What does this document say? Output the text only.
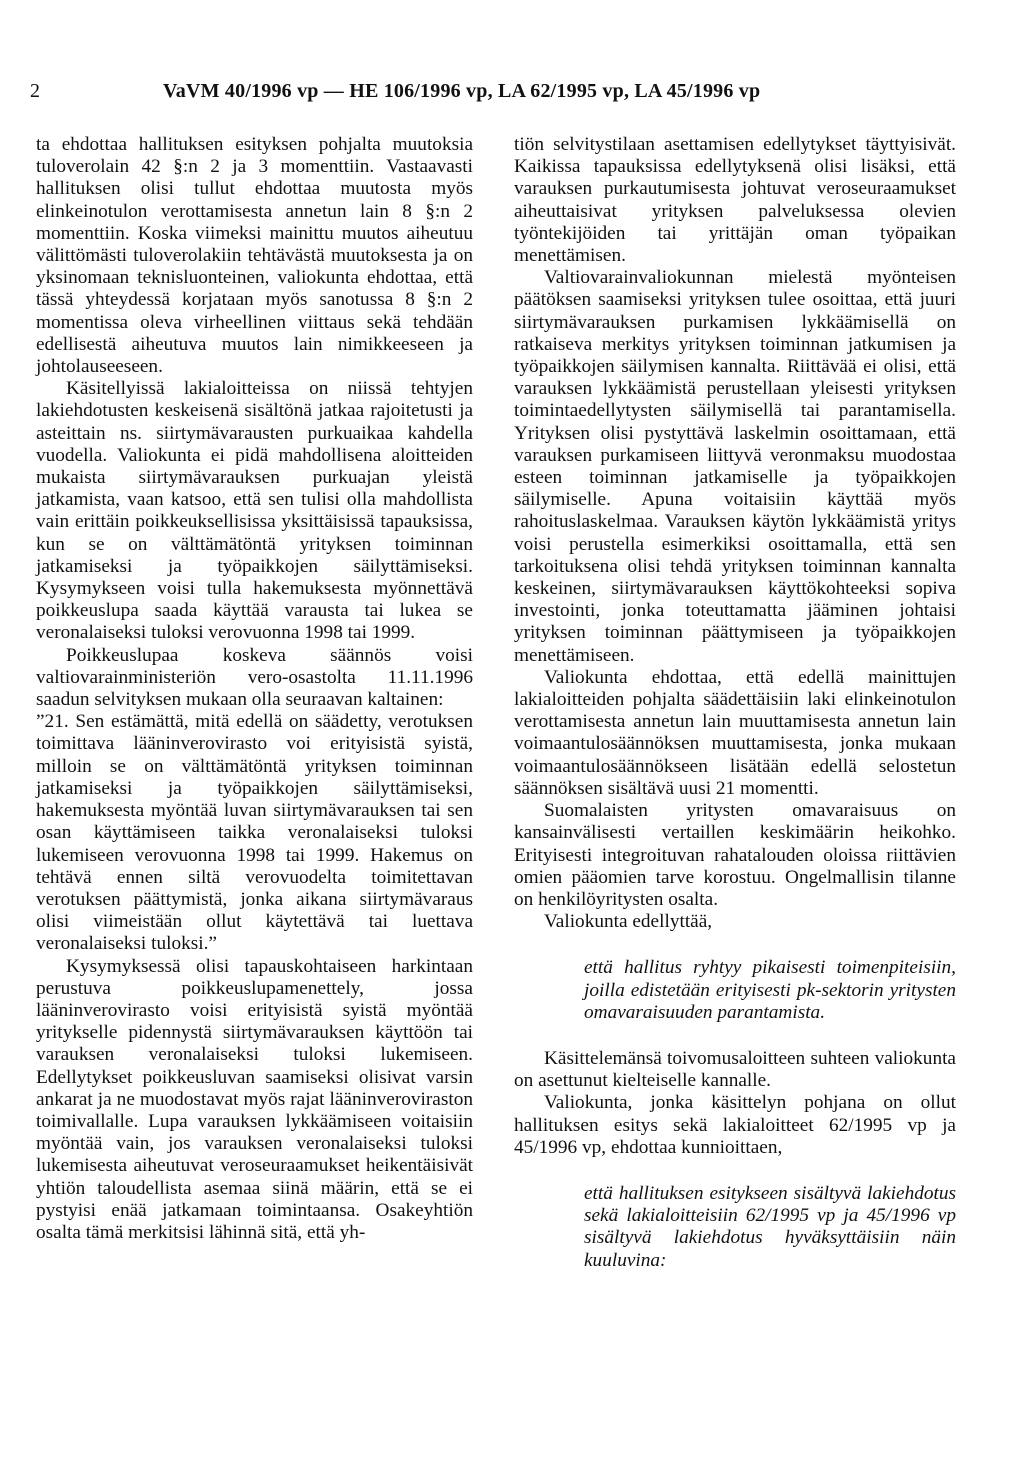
2	VaVM 40/1996 vp — HE 106/1996 vp, LA 62/1995 vp, LA 45/1996 vp

ta ehdottaa hallituksen esityksen pohjalta muutoksia tuloverolain 42 §:n 2 ja 3 momenttiin. Vastaavasti hallituksen olisi tullut ehdottaa muutosta myös elinkeinotulon verottamisesta annetun lain 8 §:n 2 momenttiin. Koska viimeksi mainittu muutos aiheutuu välittömästi tuloverolakiin tehtävästä muutoksesta ja on yksinomaan teknisluonteinen, valiokunta ehdottaa, että tässä yhteydessä korjataan myös sanotussa 8 §:n 2 momentissa oleva virheellinen viittaus sekä tehdään edellisestä aiheutuva muutos lain nimikkeeseen ja johtolauseeseen.

Käsitellyissä lakialoitteissa on niissä tehtyjen lakiehdotusten keskeisenä sisältönä jatkaa rajoitetusti ja asteittain ns. siirtymävarausten purkuaikaa kahdella vuodella. Valiokunta ei pidä mahdollisena aloitteiden mukaista siirtymävarauksen purkuajan yleistä jatkamista, vaan katsoo, että sen tulisi olla mahdollista vain erittäin poikkeuksellisissa yksittäisissä tapauksissa, kun se on välttämätöntä yrityksen toiminnan jatkamiseksi ja työpaikkojen säilyttämiseksi. Kysymykseen voisi tulla hakemuksesta myönnettävä poikkeuslupa saada käyttää varausta tai lukea se veronalaiseksi tuloksi verovuonna 1998 tai 1999.

Poikkeuslupaa koskeva säännös voisi valtiovarainministeriön vero-osastolta 11.11.1996 saadun selvityksen mukaan olla seuraavan kaltainen:

”21. Sen estämättä, mitä edellä on säädetty, verotuksen toimittava lääninverovirasto voi erityisistä syistä, milloin se on välttämätöntä yrityksen toiminnan jatkamiseksi ja työpaikkojen säilyttämiseksi, hakemuksesta myöntää luvan siirtymävarauksen tai sen osan käyttämiseen taikka veronalaiseksi tuloksi lukemiseen verovuonna 1998 tai 1999. Hakemus on tehtävä ennen siltä verovuodelta toimitettavan verotuksen päättymistä, jonka aikana siirtymävaraus olisi viimeistään ollut käytettävä tai luettava veronalaiseksi tuloksi.”

Kysymyksessä olisi tapauskohtaiseen harkintaan perustuva poikkeuslupamenettely, jossa lääninverovirasto voisi erityisistä syistä myöntää yritykselle pidennystä siirtymävarauksen käyttöön tai varauksen veronalaiseksi tuloksi lukemiseen. Edellytykset poikkeusluvan saamiseksi olisivat varsin ankarat ja ne muodostavat myös rajat lääninveroviraston toimivallalle. Lupa varauksen lykkäämiseen voitaisiin myöntää vain, jos varauksen veronalaiseksi tuloksi lukemisesta aiheutuvat veroseuraamukset heikentäisivät yhtiön taloudellista asemaa siinä määrin, että se ei pystyisi enää jatkamaan toimintaansa. Osakeyhtiön osalta tämä merkitsisi lähinnä sitä, että yh-

tiön selvitystilaan asettamisen edellytykset täyttyisivät. Kaikissa tapauksissa edellytyksenä olisi lisäksi, että varauksen purkautumisesta johtuvat veroseuraamukset aiheuttaisivat yrityksen palveluksessa olevien työntekijöiden tai yrittäjän oman työpaikan menettämisen.

Valtiovarainvaliokunnan mielestä myönteisen päätöksen saamiseksi yrityksen tulee osoittaa, että juuri siirtymävarauksen purkamisen lykkäämisellä on ratkaiseva merkitys yrityksen toiminnan jatkumisen ja työpaikkojen säilymisen kannalta. Riittävää ei olisi, että varauksen lykkäämistä perustellaan yleisesti yrityksen toimintaedellytysten säilymisellä tai parantamisella. Yrityksen olisi pystyttävä laskelmin osoittamaan, että varauksen purkamiseen liittyvä veronmaksu muodostaa esteen toiminnan jatkamiselle ja työpaikkojen säilymiselle. Apuna voitaisiin käyttää myös rahoituslaskelmaa. Varauksen käytön lykkäämistä yritys voisi perustella esimerkiksi osoittamalla, että sen tarkoituksena olisi tehdä yrityksen toiminnan kannalta keskeinen, siirtymävarauksen käyttökohteeksi sopiva investointi, jonka toteuttamatta jääminen johtaisi yrityksen toiminnan päättymiseen ja työpaikkojen menettämiseen.

Valiokunta ehdottaa, että edellä mainittujen lakialoitteiden pohjalta säädettäisiin laki elinkeinotulon verottamisesta annetun lain muuttamisesta annetun lain voimaantulosäännöksen muuttamisesta, jonka mukaan voimaantulosäännökseen lisätään edellä selostetun säännöksen sisältävä uusi 21 momentti.

Suomalaisten yritysten omavaraisuus on kansainvälisesti vertaillen keskimäärin heikohko. Erityisesti integroituvan rahatalouden oloissa riittävien omien pääomien tarve korostuu. Ongelmallisin tilanne on henkilöyritysten osalta.

Valiokunta edellyttää,

että hallitus ryhtyy pikaisesti toimenpiteisiin, joilla edistetään erityisesti pk-sektorin yritysten omavaraisuuden parantamista.

Käsittelemänsä toivomusaloitteen suhteen valiokunta on asettunut kielteiselle kannalle.

Valiokunta, jonka käsittelyn pohjana on ollut hallituksen esitys sekä lakialoitteet 62/1995 vp ja 45/1996 vp, ehdottaa kunnioittaen,

että hallituksen esitykseen sisältyvä lakiehdotus sekä lakialoitteisiin 62/1995 vp ja 45/1996 vp sisältyvä lakiehdotus hyväksyttäisiin näin kuuluvina:
